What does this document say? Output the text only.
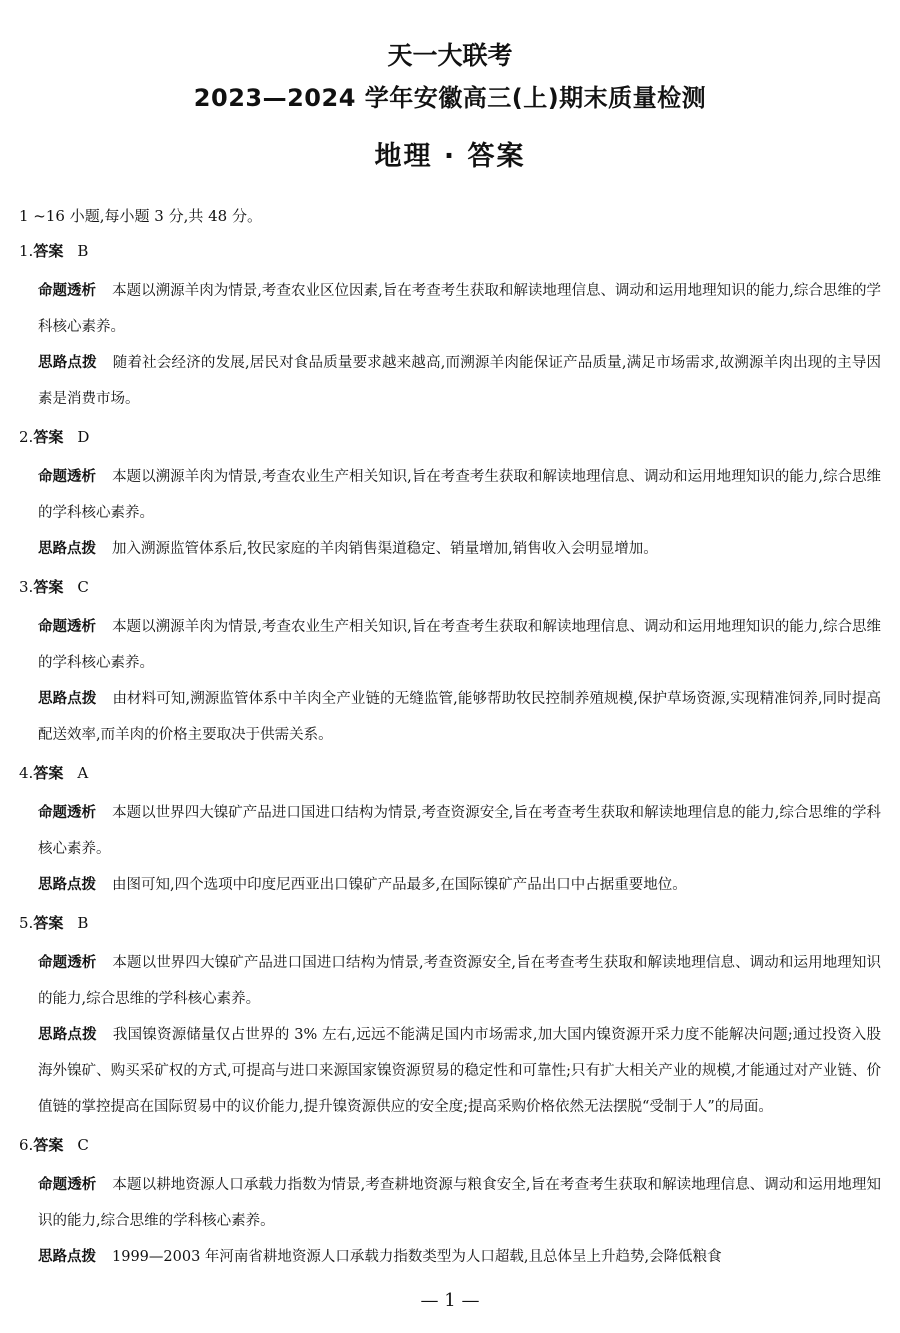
天一大联考
2023—2024 学年安徽高三(上)期末质量检测
地理 · 答案
1 ~16 小题,每小题 3 分,共 48 分。
1.答案 B
命题透析 本题以溯源羊肉为情景,考查农业区位因素,旨在考查考生获取和解读地理信息、调动和运用地理知识的能力,综合思维的学科核心素养。
思路点拨 随着社会经济的发展,居民对食品质量要求越来越高,而溯源羊肉能保证产品质量,满足市场需求,故溯源羊肉出现的主导因素是消费市场。
2.答案 D
命题透析 本题以溯源羊肉为情景,考查农业生产相关知识,旨在考查考生获取和解读地理信息、调动和运用地理知识的能力,综合思维的学科核心素养。
思路点拨 加入溯源监管体系后,牧民家庭的羊肉销售渠道稳定、销量增加,销售收入会明显增加。
3.答案 C
命题透析 本题以溯源羊肉为情景,考查农业生产相关知识,旨在考查考生获取和解读地理信息、调动和运用地理知识的能力,综合思维的学科核心素养。
思路点拨 由材料可知,溯源监管体系中羊肉全产业链的无缝监管,能够帮助牧民控制养殖规模,保护草场资源,实现精准饲养,同时提高配送效率,而羊肉的价格主要取决于供需关系。
4.答案 A
命题透析 本题以世界四大镍矿产品进口国进口结构为情景,考查资源安全,旨在考查考生获取和解读地理信息的能力,综合思维的学科核心素养。
思路点拨 由图可知,四个选项中印度尼西亚出口镍矿产品最多,在国际镍矿产品出口中占据重要地位。
5.答案 B
命题透析 本题以世界四大镍矿产品进口国进口结构为情景,考查资源安全,旨在考查考生获取和解读地理信息、调动和运用地理知识的能力,综合思维的学科核心素养。
思路点拨 我国镍资源储量仅占世界的 3% 左右,远远不能满足国内市场需求,加大国内镍资源开采力度不能解决问题;通过投资入股海外镍矿、购买采矿权的方式,可提高与进口来源国家镍资源贸易的稳定性和可靠性;只有扩大相关产业的规模,才能通过对产业链、价值链的掌控提高在国际贸易中的议价能力,提升镍资源供应的安全度;提高采购价格依然无法摆脱“受制于人”的局面。
6.答案 C
命题透析 本题以耕地资源人口承载力指数为情景,考查耕地资源与粮食安全,旨在考查考生获取和解读地理信息、调动和运用地理知识的能力,综合思维的学科核心素养。
思路点拨 1999—2003 年河南省耕地资源人口承载力指数类型为人口超载,且总体呈上升趋势,会降低粮食
— 1 —
